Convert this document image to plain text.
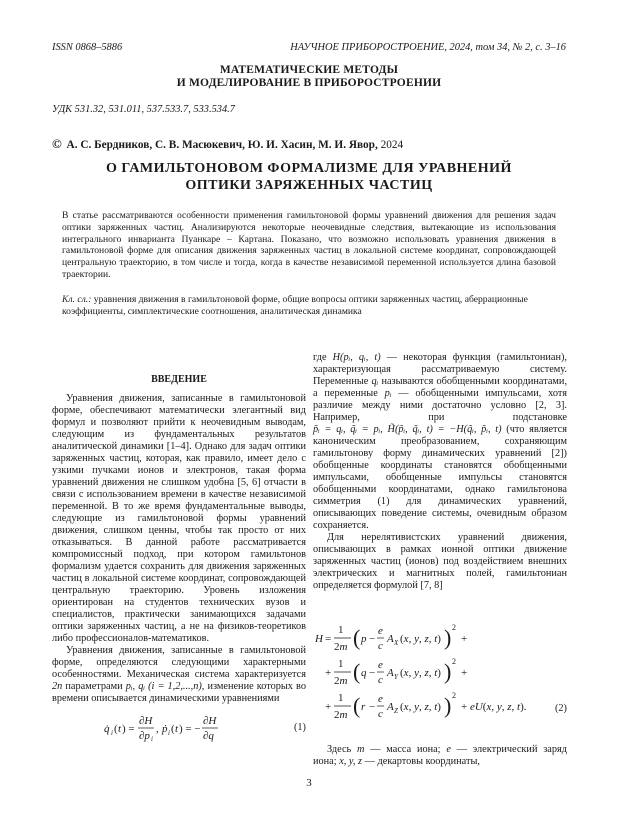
ISSN 0868–5886	НАУЧНОЕ ПРИБОРОСТРОЕНИЕ, 2024, том 34, № 2, с. 3–16
МАТЕМАТИЧЕСКИЕ МЕТОДЫ
И МОДЕЛИРОВАНИЕ В ПРИБОРОСТРОЕНИИ
УДК 531.32, 531.011, 537.533.7, 533.534.7
© А. С. Бердников, С. В. Масюкевич, Ю. И. Хасин, М. И. Явор, 2024
О ГАМИЛЬТОНОВОМ ФОРМАЛИЗМЕ ДЛЯ УРАВНЕНИЙ
ОПТИКИ ЗАРЯЖЕННЫХ ЧАСТИЦ
В статье рассматриваются особенности применения гамильтоновой формы уравнений движения для решения задач оптики заряженных частиц. Анализируются некоторые неочевидные следствия, вытекающие из использования интегрального инварианта Пуанкаре – Картана. Показано, что возможно использовать уравнения движения в гамильтоновой форме для описания движения заряженных частиц в локальной системе координат, сопровождающей центральную траекторию, в том числе и тогда, когда в качестве независимой переменной используется длина базовой траектории.
Кл. сл.: уравнения движения в гамильтоновой форме, общие вопросы оптики заряженных частиц, аберрационные коэффициенты, симплектические соотношения, аналитическая динамика
ВВЕДЕНИЕ

Уравнения движения, записанные в гамильтоновой форме, обеспечивают математически элегантный вид формул и позволяют прийти к неочевидным выводам, следующим из фундаментальных результатов аналитической динамики [1–4]. Однако для задач оптики заряженных частиц, которая, как правило, имеет дело с узкими пучками ионов и электронов, такая форма уравнений движения не слишком удобна [5, 6] отчасти в связи с использованием времени в качестве независимой переменной. В то же время фундаментальные выводы, следующие из гамильтоновой формы уравнений движения, слишком ценны, чтобы так просто от них отказываться. В данной работе рассматривается компромиссный подход, при котором гамильтонов формализм удается сохранить для движения заряженных частиц в локальной системе координат, сопровождающей центральную траекторию. Уровень изложения ориентирован на студентов технических вузов и специалистов, практически занимающихся задачами оптики заряженных частиц, а не на физиков-теоретиков либо профессионалов-математиков.

Уравнения движения, записанные в гамильтоновой форме, определяются следующими характерными особенностями. Механическая система характеризуется 2n параметрами pᵢ, qᵢ (i = 1,2,...,n), изменение которых во времени описывается динамическими уравнениями

q̇ i ( t ) =
∂H
∂p i
, ṗ i ( t ) = −
∂H
∂q
(1)

где H(pᵢ, qᵢ, t) — некоторая функция (гамильтониан), характеризующая рассматриваемую систему. Переменные qᵢ называются обобщенными координатами, а переменные pᵢ — обобщенными импульсами, хотя различие между ними достаточно условно [2, 3]. Например, при подстановке p̃ᵢ = qᵢ, q̃ᵢ = pᵢ, H̃(p̃ᵢ, q̃ᵢ, t) = −H(q̃ᵢ, p̃ᵢ, t) (что является каноническим преобразованием, сохраняющим гамильтонову форму динамических уравнений [2]) обобщенные координаты становятся обобщенными импульсами, обобщенные импульсы становятся обобщенными координатами, однако гамильтонова симметрия (1) для динамических уравнений, описывающих поведение системы, очевидным образом сохраняется.

Для нерелятивистских уравнений движения, описывающих в рамках ионной оптики движение заряженных частиц (ионов) под воздействием внешних электрических и магнитных полей, гамильтониан определяется формулой [7, 8]

H =
1
2m ( p −
e
c
A X (x, y, z, t) ) 2
+
+
1
2m ( q −
e
c
A Y (x, y, z, t) ) 2
+
+
1
2m ( r −
e
c
A Z (x, y, z, t) ) 2
+ eU(x, y, z, t).	(2)

Здесь m — масса иона; e — электрический заряд иона; x, y, z — декартовы координаты,

3
